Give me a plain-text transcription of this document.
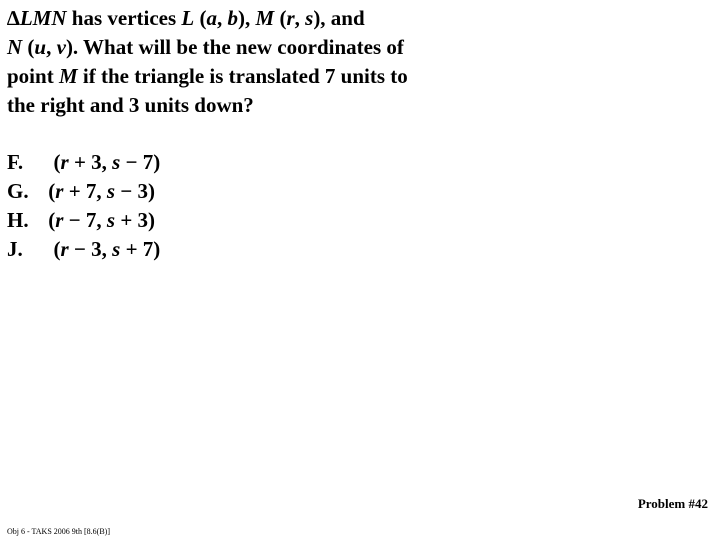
∆LMN has vertices L (a, b), M (r, s), and
N (u, v). What will be the new coordinates of
point M if the triangle is translated 7 units to
the right and 3 units down?
F. ( r + 3, s − 7)
G. ( r + 7, s − 3)
H. ( r − 7, s + 3)
J. ( r − 3, s + 7)

Problem #42

Obj 6 - TAKS 2006 9th [8.6(B)]
